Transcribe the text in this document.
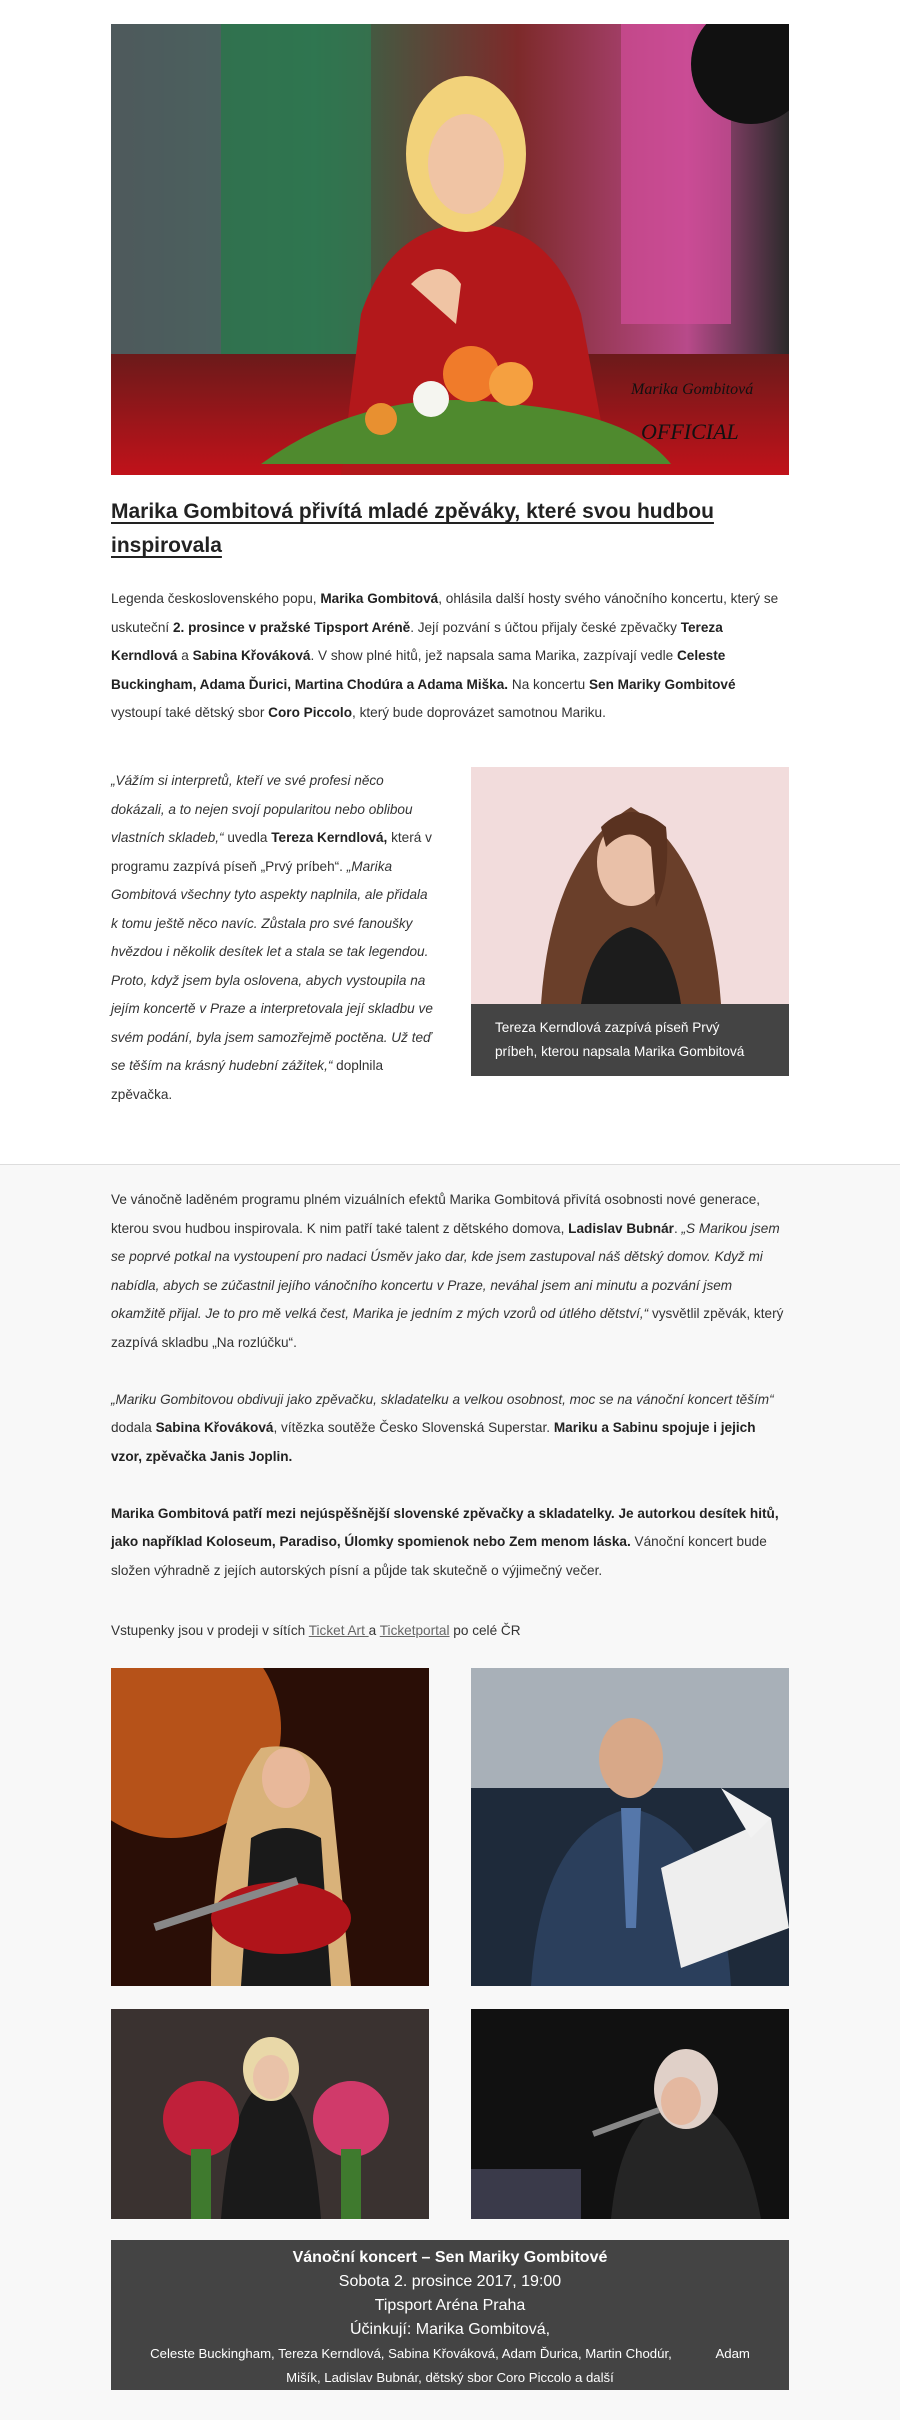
OFFICIAL
Marika Gombitová
Marika Gombitová přivítá mladé zpěváky, které svou hudbou inspirovala
Legenda československého popu, Marika Gombitová, ohlásila další hosty svého vánočního koncertu, který se uskuteční 2. prosince v pražské Tipsport Aréně. Její pozvání s účtou přijaly české zpěvačky Tereza Kerndlová a Sabina Křováková. V show plné hitů, jež napsala sama Marika, zazpívají vedle Celeste Buckingham, Adama Ďurici, Martina Chodúra a Adama Miška. Na koncertu Sen Mariky Gombitové vystoupí také dětský sbor Coro Piccolo, který bude doprovázet samotnou Mariku.
„Vážím si interpretů, kteří ve své profesi něco dokázali, a to nejen svojí popularitou nebo oblibou vlastních skladeb,“ uvedla Tereza Kerndlová, která v programu zazpívá píseň „Prvý príbeh“. „Marika Gombitová všechny tyto aspekty naplnila, ale přidala k tomu ještě něco navíc. Zůstala pro své fanoušky hvězdou i několik desítek let a stala se tak legendou. Proto, když jsem byla oslovena, abych vystoupila na jejím koncertě v Praze a interpretovala její skladbu ve svém podání, byla jsem samozřejmě poctěna. Už teď se těším na krásný hudební zážitek,“ doplnila zpěvačka.
Tereza Kerndlová zazpívá píseň Prvý príbeh, kterou napsala Marika Gombitová

Ve vánočně laděném programu plném vizuálních efektů Marika Gombitová přivítá osobnosti nové generace, kterou svou hudbou inspirovala. K nim patří také talent z dětského domova, Ladislav Bubnár. „S Marikou jsem se poprvé potkal na vystoupení pro nadaci Úsměv jako dar, kde jsem zastupoval náš dětský domov. Když mi nabídla, abych se zúčastnil jejího vánočního koncertu v Praze, neváhal jsem ani minutu a pozvání jsem okamžitě přijal. Je to pro mě velká čest, Marika je jedním z mých vzorů od útlého dětství,“ vysvětlil zpěvák, který zazpívá skladbu „Na rozlúčku“.

„Mariku Gombitovou obdivuji jako zpěvačku, skladatelku a velkou osobnost, moc se na vánoční koncert těším“ dodala Sabina Křováková, vítězka soutěže Česko Slovenská Superstar. Mariku a Sabinu spojuje i jejich vzor, zpěvačka Janis Joplin.

Marika Gombitová patří mezi nejúspěšnější slovenské zpěvačky a skladatelky. Je autorkou desítek hitů, jako například Koloseum, Paradiso, Úlomky spomienok nebo Zem menom láska. Vánoční koncert bude složen výhradně z jejích autorských písní a půjde tak skutečně o výjimečný večer.

Vstupenky jsou v prodeji v sítích Ticket Art a Ticketportal po celé ČR
Vánoční koncert – Sen Mariky Gombitové
Sobota 2. prosince 2017, 19:00
Tipsport Aréna Praha
Účinkují: Marika Gombitová,
Celeste Buckingham, Tereza Kerndlová, Sabina Křováková, Adam Ďurica, Martin Chodúr,	Adam
Mišík, Ladislav Bubnár, dětský sbor Coro Piccolo a další
